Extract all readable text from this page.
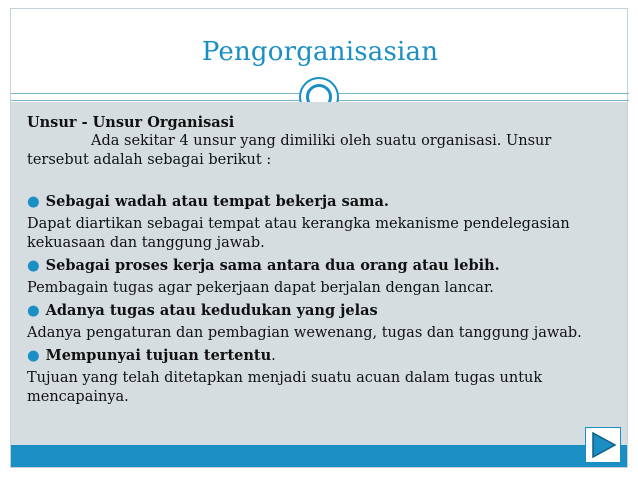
Pengorganisasian

Unsur - Unsur Organisasi

Ada sekitar 4 unsur yang dimiliki oleh suatu organisasi. Unsur tersebut adalah sebagai berikut :

● Sebagai wadah atau tempat bekerja sama.

Dapat diartikan sebagai tempat atau kerangka mekanisme pendelegasian kekuasaan dan tanggung jawab.

● Sebagai proses kerja sama antara dua orang atau lebih.

Pembagain tugas agar pekerjaan dapat berjalan dengan lancar.

● Adanya tugas atau kedudukan yang jelas

Adanya pengaturan dan pembagian wewenang, tugas dan tanggung jawab.

● Mempunyai tujuan tertentu.

Tujuan yang telah ditetapkan menjadi suatu acuan dalam tugas untuk mencapainya.
